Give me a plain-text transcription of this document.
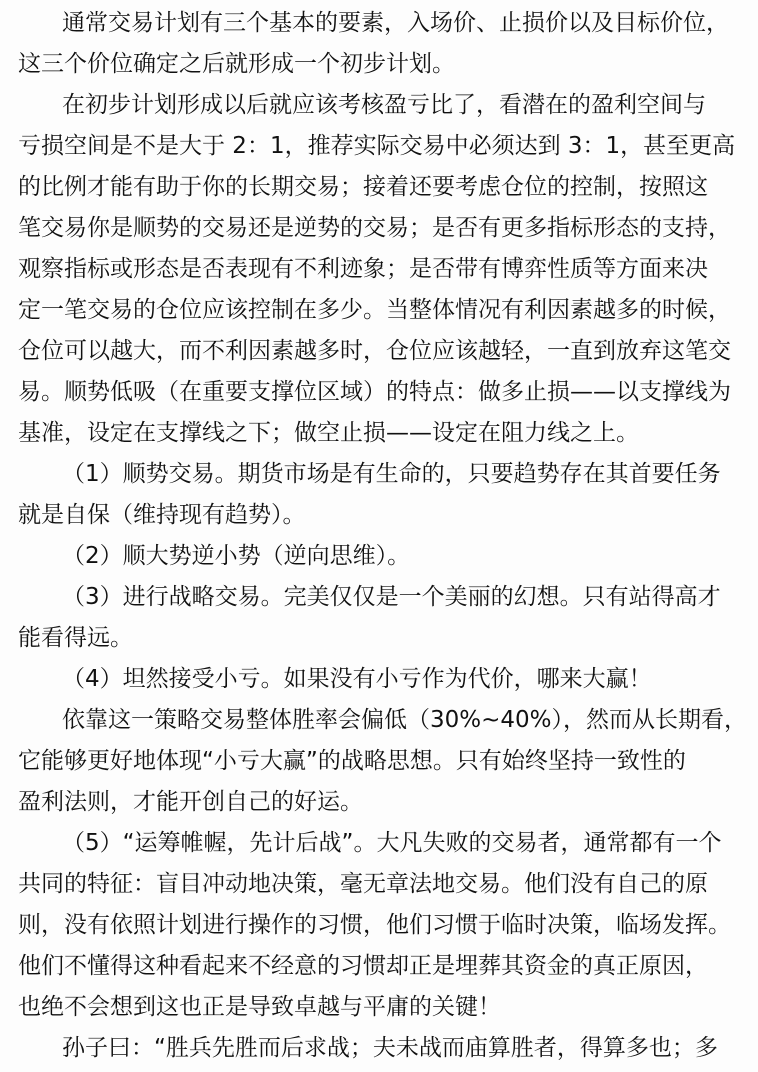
通常交易计划有三个基本的要素，入场价、止损价以及目标价位，
这三个价位确定之后就形成一个初步计划。
在初步计划形成以后就应该考核盈亏比了，看潜在的盈利空间与
亏损空间是不是大于 2：1，推荐实际交易中必须达到 3：1，甚至更高
的比例才能有助于你的长期交易；接着还要考虑仓位的控制，按照这
笔交易你是顺势的交易还是逆势的交易；是否有更多指标形态的支持，
观察指标或形态是否表现有不利迹象；是否带有博弈性质等方面来决
定一笔交易的仓位应该控制在多少。当整体情况有利因素越多的时候，
仓位可以越大，而不利因素越多时，仓位应该越轻，一直到放弃这笔交
易。顺势低吸（在重要支撑位区域）的特点：做多止损——以支撑线为
基准，设定在支撑线之下；做空止损——设定在阻力线之上。
（1）顺势交易。期货市场是有生命的，只要趋势存在其首要任务
就是自保（维持现有趋势）。
（2）顺大势逆小势（逆向思维）。
（3）进行战略交易。完美仅仅是一个美丽的幻想。只有站得高才
能看得远。
（4）坦然接受小亏。如果没有小亏作为代价，哪来大赢！
依靠这一策略交易整体胜率会偏低（30%~40%），然而从长期看，
它能够更好地体现“小亏大赢”的战略思想。只有始终坚持一致性的
盈利法则，才能开创自己的好运。
（5）“运筹帷幄，先计后战”。大凡失败的交易者，通常都有一个
共同的特征：盲目冲动地决策，毫无章法地交易。他们没有自己的原
则，没有依照计划进行操作的习惯，他们习惯于临时决策，临场发挥。
他们不懂得这种看起来不经意的习惯却正是埋葬其资金的真正原因，
也绝不会想到这也正是导致卓越与平庸的关键！
孙子曰：“胜兵先胜而后求战；夫未战而庙算胜者，得算多也；多
